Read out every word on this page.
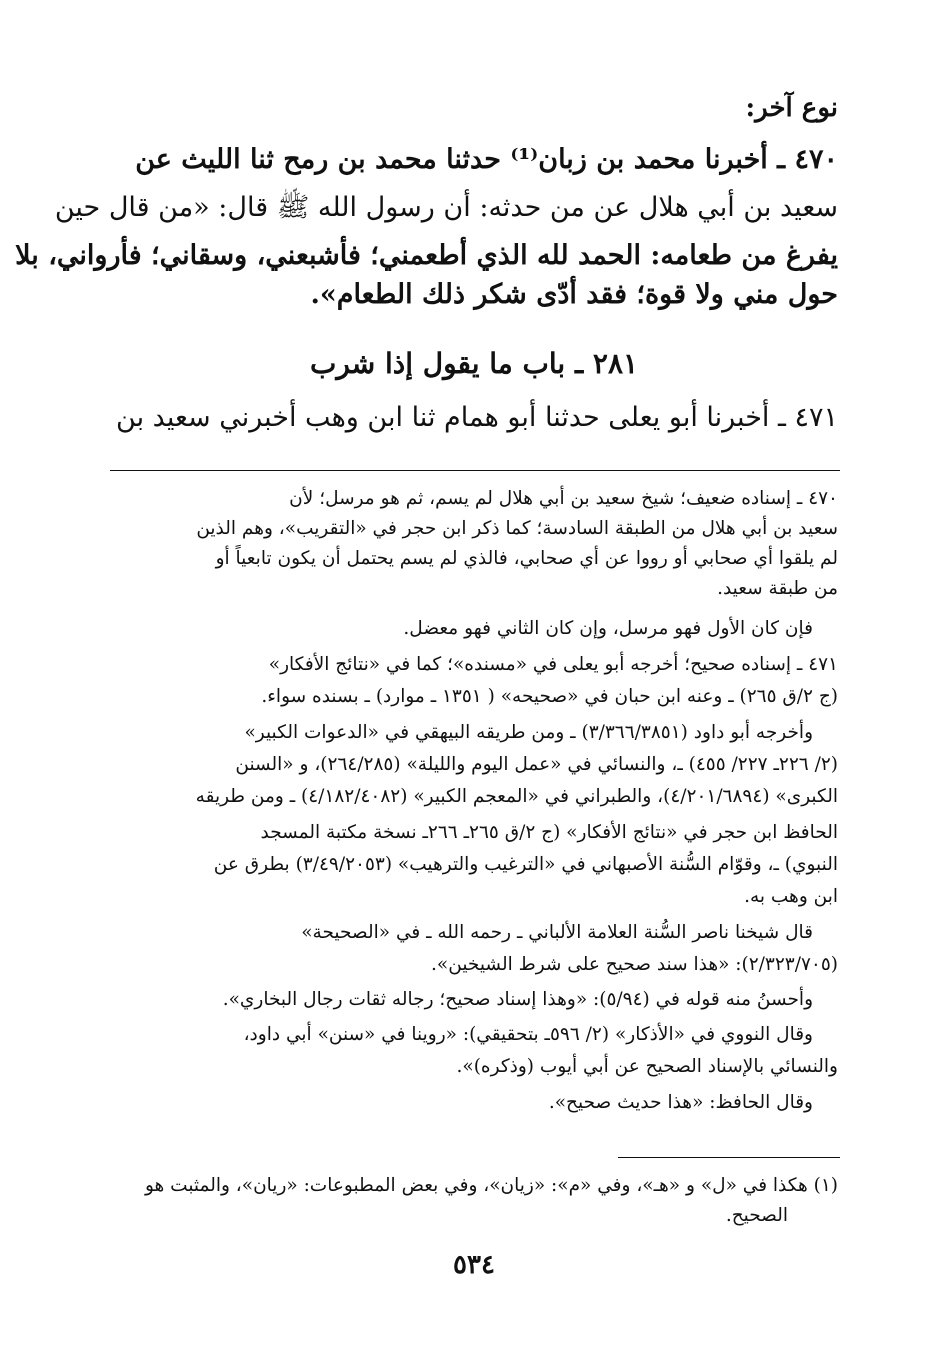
نوع آخر:
٤٧٠ ـ أخبرنا محمد بن زبان⁽¹⁾ حدثنا محمد بن رمح ثنا الليث عن
سعيد بن أبي هلال عن من حدثه: أن رسول الله ﷺ قال: «من قال حين
يفرغ من طعامه: الحمد لله الذي أطعمني؛ فأشبعني، وسقاني؛ فأرواني، بلا
حول مني ولا قوة؛ فقد أدّى شكر ذلك الطعام».
٢٨١ ـ باب ما يقول إذا شرب
٤٧١ ـ أخبرنا أبو يعلى حدثنا أبو همام ثنا ابن وهب أخبرني سعيد بن
٤٧٠ ـ إسناده ضعيف؛ شيخ سعيد بن أبي هلال لم يسم، ثم هو مرسل؛ لأن
سعيد بن أبي هلال من الطبقة السادسة؛ كما ذكر ابن حجر في «التقريب»، وهم الذين
لم يلقوا أي صحابي أو رووا عن أي صحابي، فالذي لم يسم يحتمل أن يكون تابعياً أو
من طبقة سعيد.
فإن كان الأول فهو مرسل، وإن كان الثاني فهو معضل.
٤٧١ ـ إسناده صحيح؛ أخرجه أبو يعلى في «مسنده»؛ كما في «نتائج الأفكار»
(ج ٢/ق ٢٦٥) ـ وعنه ابن حبان في «صحيحه» ( ١٣٥١ ـ موارد) ـ بسنده سواء.
وأخرجه أبو داود (٣/٣٦٦/٣٨٥١) ـ ومن طريقه البيهقي في «الدعوات الكبير»
(٢/ ٢٢٦ـ ٢٢٧/ ٤٥٥) ـ، والنسائي في «عمل اليوم والليلة» (٢٦٤/٢٨٥)، و «السنن
الكبرى» (٤/٢٠١/٦٨٩٤)، والطبراني في «المعجم الكبير» (٤/١٨٢/٤٠٨٢) ـ ومن طريقه
الحافظ ابن حجر في «نتائج الأفكار» (ج ٢/ق ٢٦٥ـ ٢٦٦ـ نسخة مكتبة المسجد
النبوي) ـ، وقوّام السُّنة الأصبهاني في «الترغيب والترهيب» (٣/٤٩/٢٠٥٣) بطرق عن
ابن وهب به.
قال شيخنا ناصر السُّنة العلامة الألباني ـ رحمه الله ـ في «الصحيحة»
(٢/٣٢٣/٧٠٥): «هذا سند صحيح على شرط الشيخين».
وأحسنُ منه قوله في (٥/٩٤): «وهذا إسناد صحيح؛ رجاله ثقات رجال البخاري».
وقال النووي في «الأذكار» (٢/ ٥٩٦ـ بتحقيقي): «روينا في «سنن» أبي داود،
والنسائي بالإسناد الصحيح عن أبي أيوب (وذكره)».
وقال الحافظ: «هذا حديث صحيح».
(١) هكذا في «ل» و «هـ»، وفي «م»: «زيان»، وفي بعض المطبوعات: «ريان»، والمثبت هو
الصحيح.
٥٣٤
